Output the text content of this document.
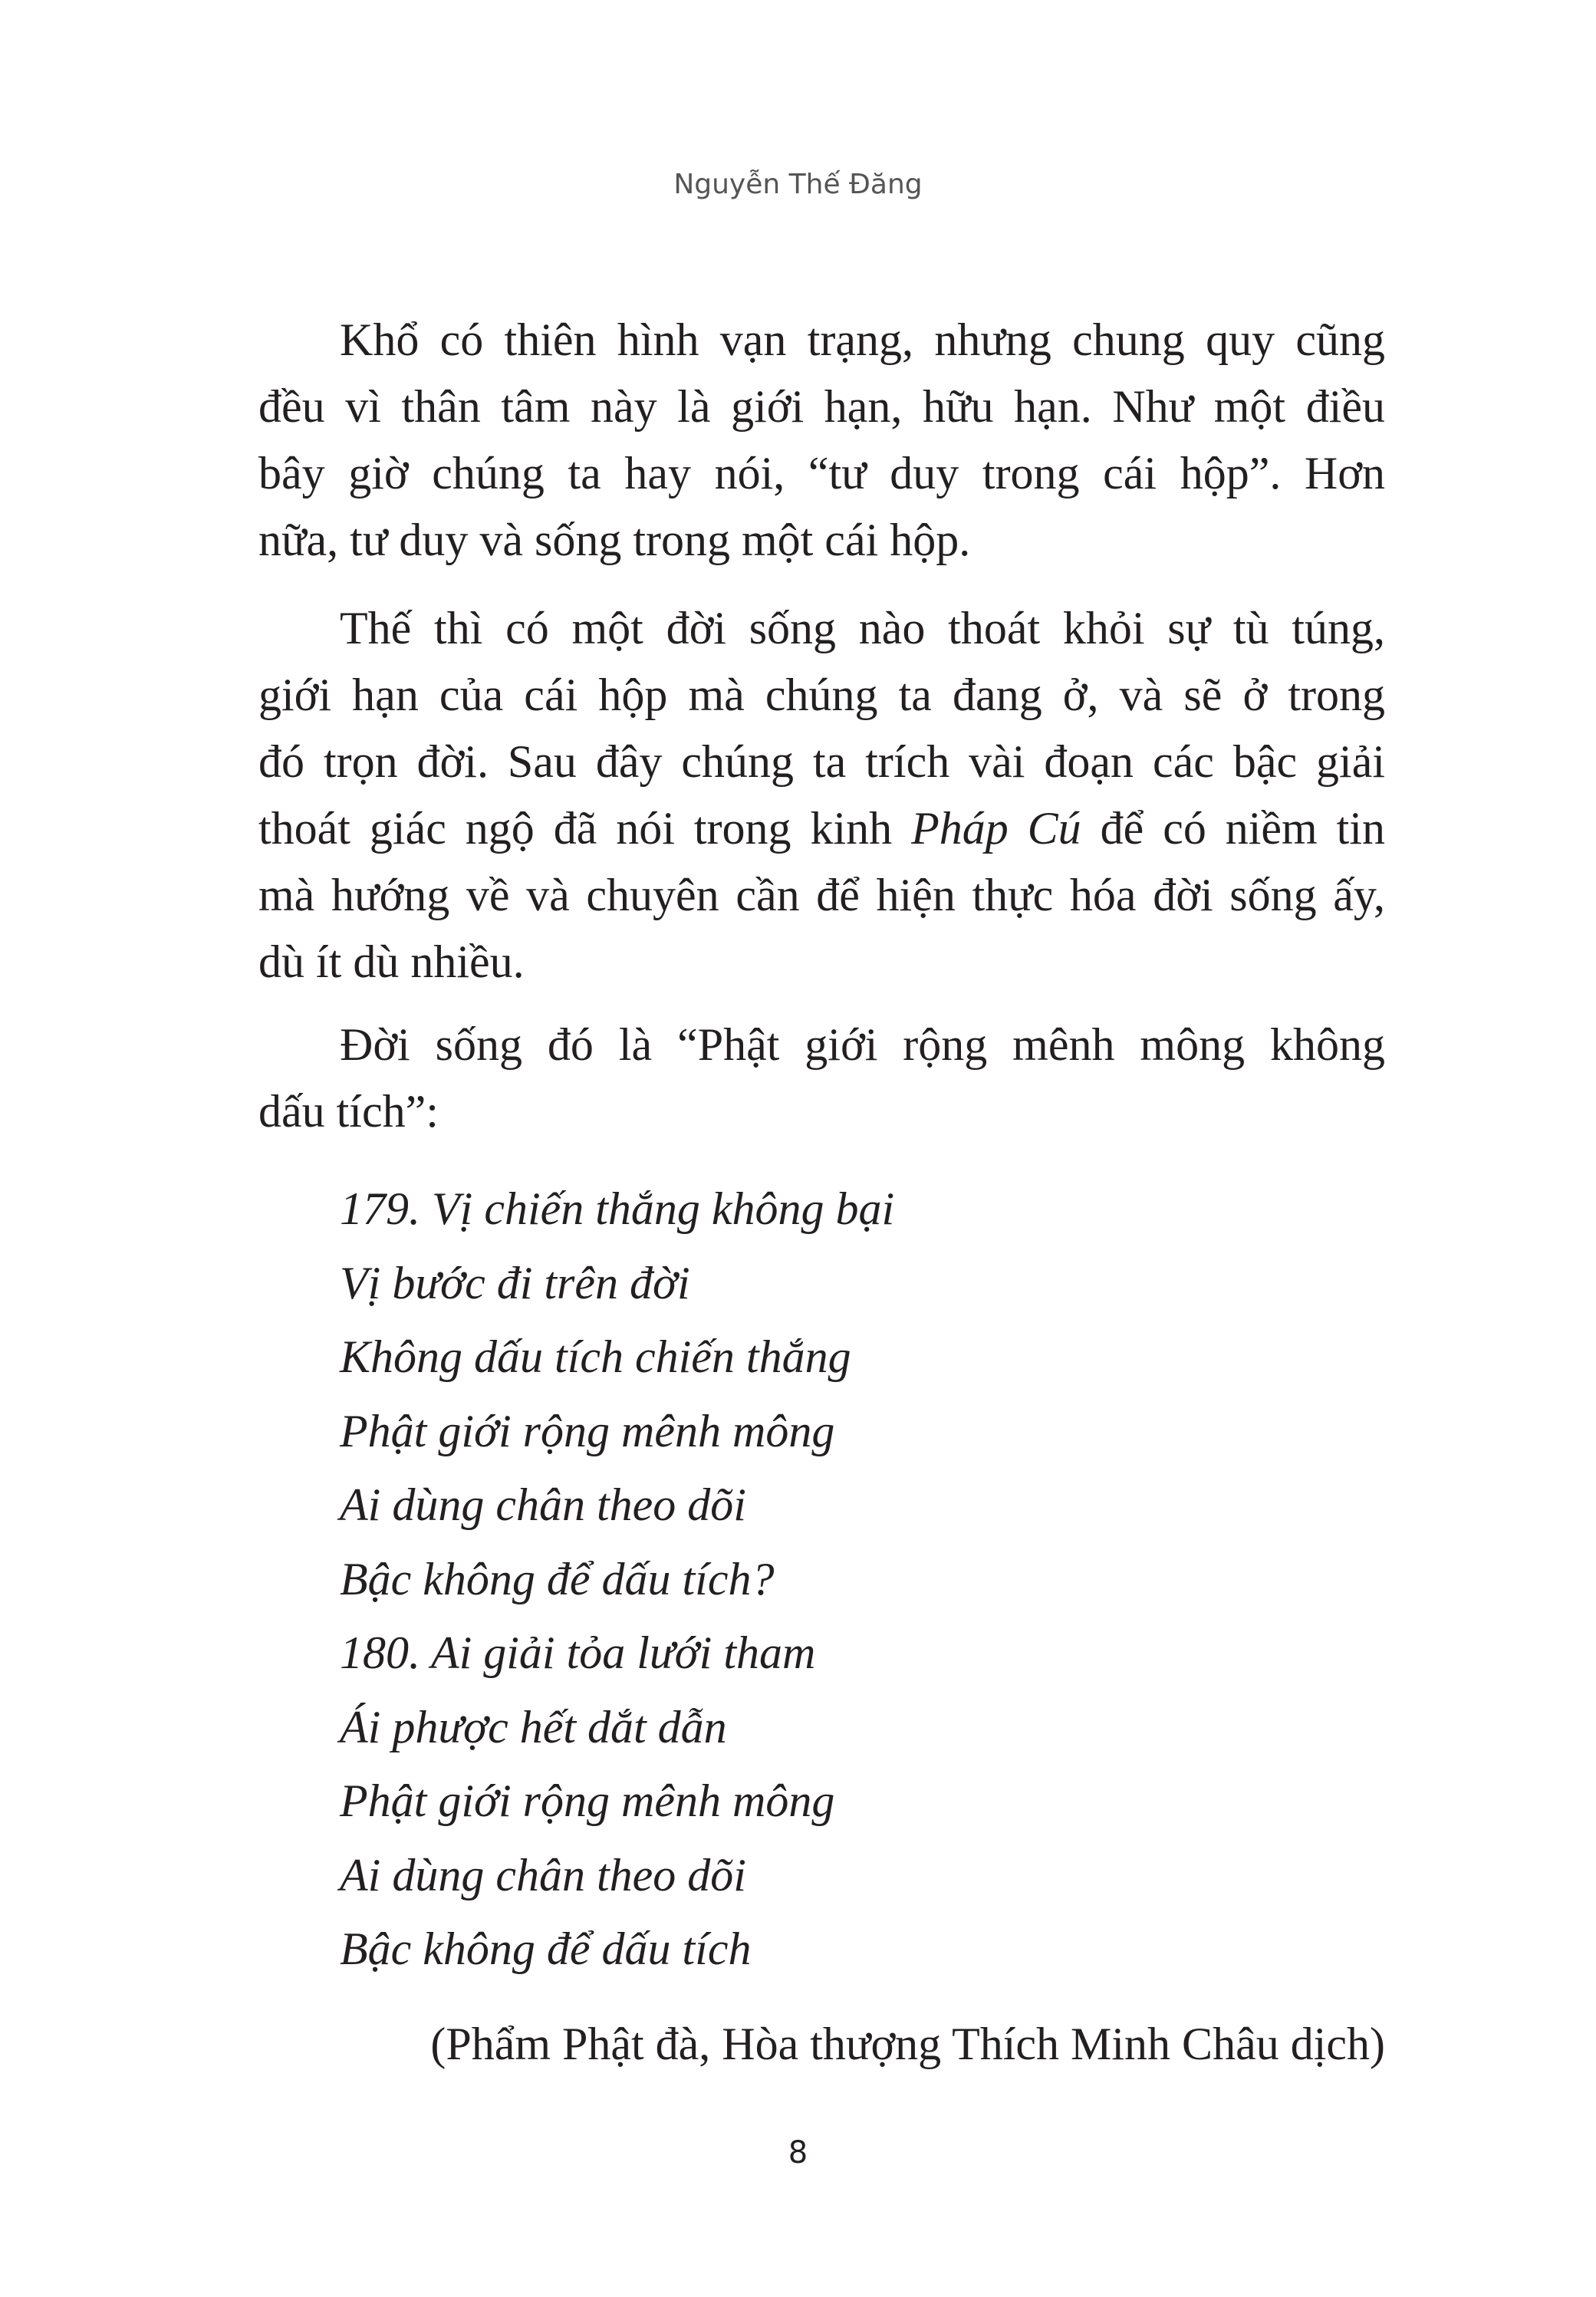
Nguyễn Thế Đăng
Khổ có thiên hình vạn trạng, nhưng chung quy cũng
đều vì thân tâm này là giới hạn, hữu hạn. Như một điều
bây giờ chúng ta hay nói, “tư duy trong cái hộp”. Hơn
nữa, tư duy và sống trong một cái hộp.
Thế thì có một đời sống nào thoát khỏi sự tù túng,
giới hạn của cái hộp mà chúng ta đang ở, và sẽ ở trong
đó trọn đời. Sau đây chúng ta trích vài đoạn các bậc giải
thoát giác ngộ đã nói trong kinh Pháp Cú để có niềm tin
mà hướng về và chuyên cần để hiện thực hóa đời sống ấy,
dù ít dù nhiều.
Đời sống đó là “Phật giới rộng mênh mông không
dấu tích”:
179. Vị chiến thắng không bại
Vị bước đi trên đời
Không dấu tích chiến thắng
Phật giới rộng mênh mông
Ai dùng chân theo dõi
Bậc không để dấu tích?
180. Ai giải tỏa lưới tham
Ái phược hết dắt dẫn
Phật giới rộng mênh mông
Ai dùng chân theo dõi
Bậc không để dấu tích
(Phẩm Phật đà, Hòa thượng Thích Minh Châu dịch)
8
